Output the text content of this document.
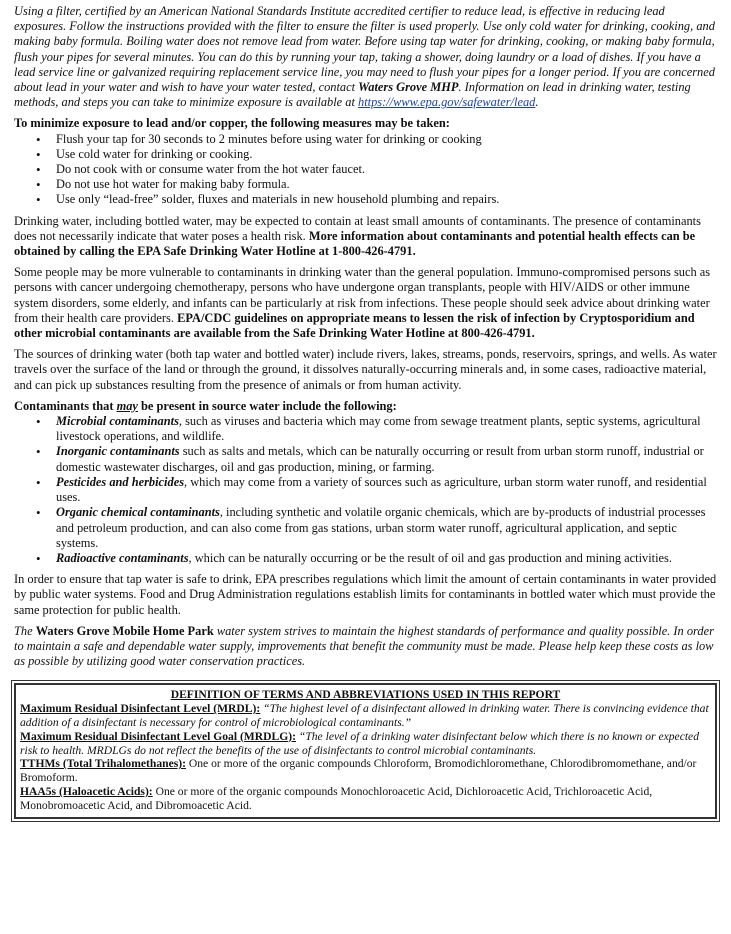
Using a filter, certified by an American National Standards Institute accredited certifier to reduce lead, is effective in reducing lead exposures. Follow the instructions provided with the filter to ensure the filter is used properly. Use only cold water for drinking, cooking, and making baby formula. Boiling water does not remove lead from water. Before using tap water for drinking, cooking, or making baby formula, flush your pipes for several minutes. You can do this by running your tap, taking a shower, doing laundry or a load of dishes. If you have a lead service line or galvanized requiring replacement service line, you may need to flush your pipes for a longer period. If you are concerned about lead in your water and wish to have your water tested, contact Waters Grove MHP. Information on lead in drinking water, testing methods, and steps you can take to minimize exposure is available at https://www.epa.gov/safewater/lead.

To minimize exposure to lead and/or copper, the following measures may be taken:

• Flush your tap for 30 seconds to 2 minutes before using water for drinking or cooking
• Use cold water for drinking or cooking.
• Do not cook with or consume water from the hot water faucet.
• Do not use hot water for making baby formula.
• Use only “lead-free” solder, fluxes and materials in new household plumbing and repairs.

Drinking water, including bottled water, may be expected to contain at least small amounts of contaminants. The presence of contaminants does not necessarily indicate that water poses a health risk. More information about contaminants and potential health effects can be obtained by calling the EPA Safe Drinking Water Hotline at 1-800-426-4791.

Some people may be more vulnerable to contaminants in drinking water than the general population. Immuno-compromised persons such as persons with cancer undergoing chemotherapy, persons who have undergone organ transplants, people with HIV/AIDS or other immune system disorders, some elderly, and infants can be particularly at risk from infections. These people should seek advice about drinking water from their health care providers. EPA/CDC guidelines on appropriate means to lessen the risk of infection by Cryptosporidium and other microbial contaminants are available from the Safe Drinking Water Hotline at 800-426-4791.

The sources of drinking water (both tap water and bottled water) include rivers, lakes, streams, ponds, reservoirs, springs, and wells. As water travels over the surface of the land or through the ground, it dissolves naturally-occurring minerals and, in some cases, radioactive material, and can pick up substances resulting from the presence of animals or from human activity.

Contaminants that may be present in source water include the following:

• Microbial contaminants, such as viruses and bacteria which may come from sewage treatment plants, septic systems, agricultural livestock operations, and wildlife.
• Inorganic contaminants such as salts and metals, which can be naturally occurring or result from urban storm runoff, industrial or domestic wastewater discharges, oil and gas production, mining, or farming.
• Pesticides and herbicides, which may come from a variety of sources such as agriculture, urban storm water runoff, and residential uses.
• Organic chemical contaminants, including synthetic and volatile organic chemicals, which are by-products of industrial processes and petroleum production, and can also come from gas stations, urban storm water runoff, agricultural application, and septic systems.
• Radioactive contaminants, which can be naturally occurring or be the result of oil and gas production and mining activities.

In order to ensure that tap water is safe to drink, EPA prescribes regulations which limit the amount of certain contaminants in water provided by public water systems. Food and Drug Administration regulations establish limits for contaminants in bottled water which must provide the same protection for public health.

The Waters Grove Mobile Home Park water system strives to maintain the highest standards of performance and quality possible. In order to maintain a safe and dependable water supply, improvements that benefit the community must be made. Please help keep these costs as low as possible by utilizing good water conservation practices.

DEFINITION OF TERMS AND ABBREVIATIONS USED IN THIS REPORT

Maximum Residual Disinfectant Level (MRDL): “The highest level of a disinfectant allowed in drinking water. There is convincing evidence that addition of a disinfectant is necessary for control of microbiological contaminants.”

Maximum Residual Disinfectant Level Goal (MRDLG): “The level of a drinking water disinfectant below which there is no known or expected risk to health. MRDLGs do not reflect the benefits of the use of disinfectants to control microbial contaminants.

TTHMs (Total Trihalomethanes): One or more of the organic compounds Chloroform, Bromodichloromethane, Chlorodibromomethane, and/or Bromoform.

HAA5s (Haloacetic Acids): One or more of the organic compounds Monochloroacetic Acid, Dichloroacetic Acid, Trichloroacetic Acid, Monobromoacetic Acid, and Dibromoacetic Acid.
